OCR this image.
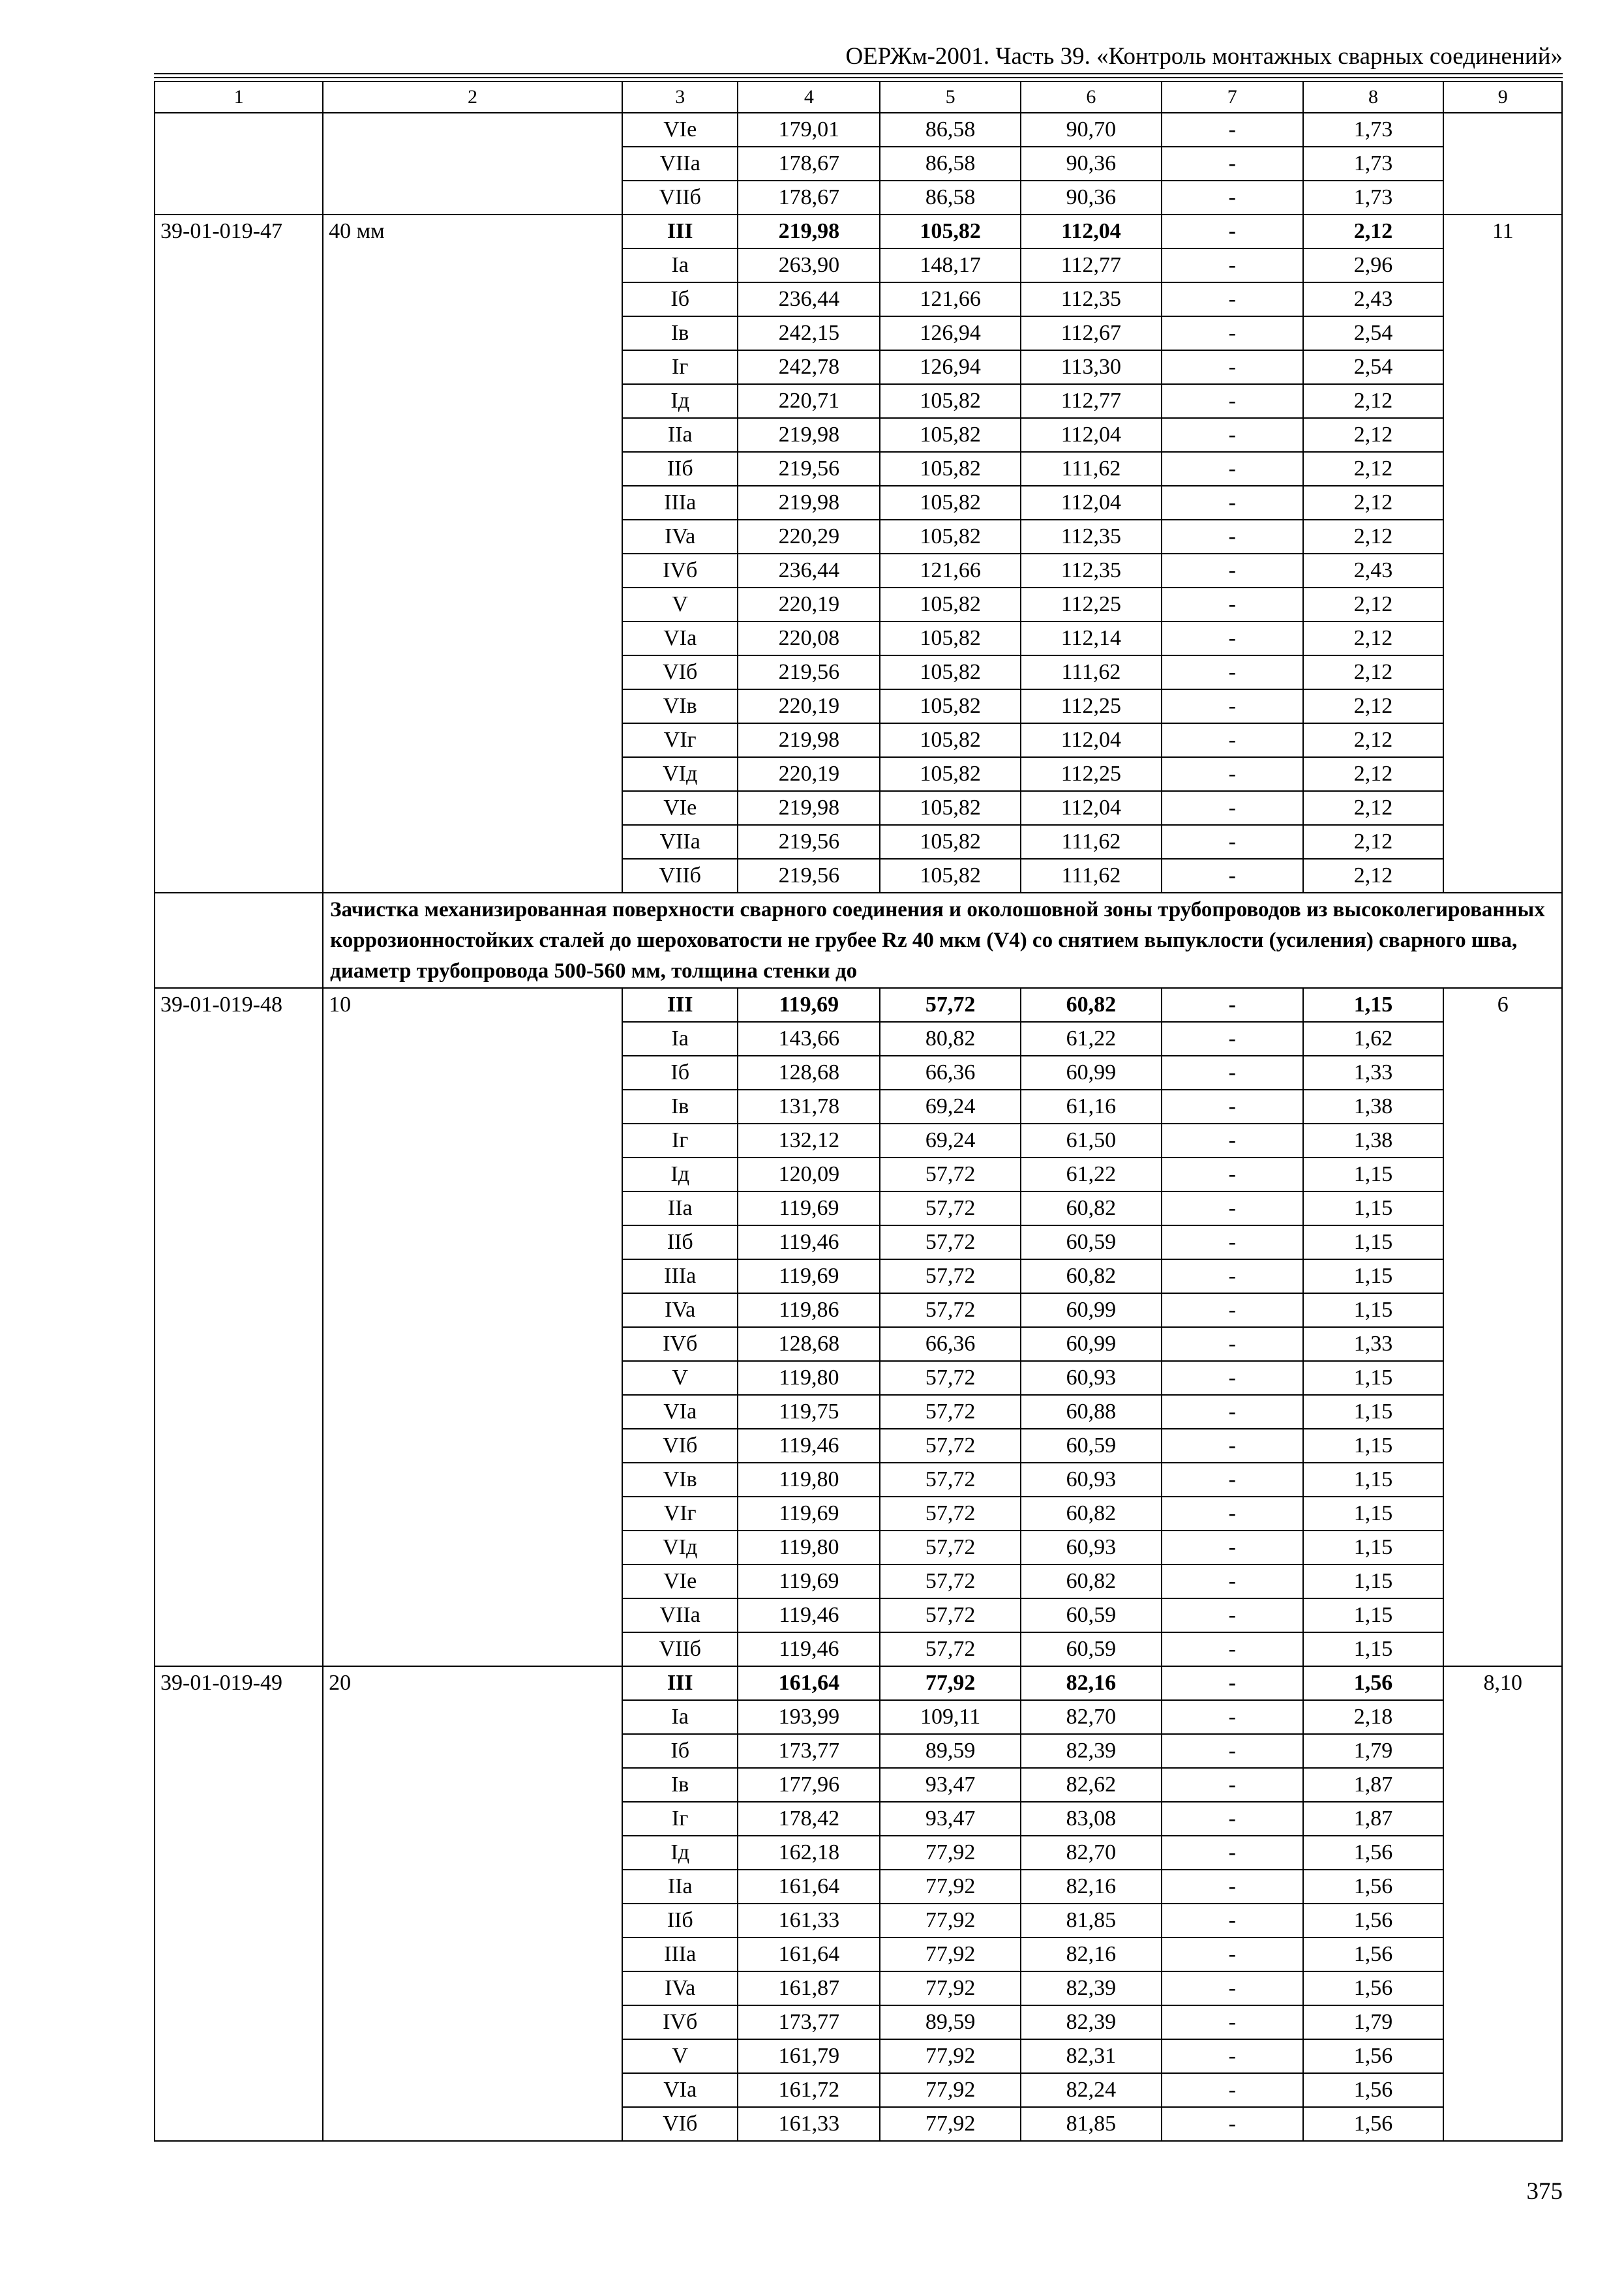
ОЕРЖм-2001. Часть 39. «Контроль монтажных сварных соединений»
1	2	3	4	5	6	7	8	9
		VIe	179,01	86,58	90,70	-	1,73	
		VIIa	178,67	86,58	90,36	-	1,73	
		VIIб	178,67	86,58	90,36	-	1,73	
39-01-019-47	40 мм	III	219,98	105,82	112,04	-	2,12	11
		Ia	263,90	148,17	112,77	-	2,96	
		Iб	236,44	121,66	112,35	-	2,43	
		Iв	242,15	126,94	112,67	-	2,54	
		Iг	242,78	126,94	113,30	-	2,54	
		Iд	220,71	105,82	112,77	-	2,12	
		IIa	219,98	105,82	112,04	-	2,12	
		IIб	219,56	105,82	111,62	-	2,12	
		IIIa	219,98	105,82	112,04	-	2,12	
		IVa	220,29	105,82	112,35	-	2,12	
		IVб	236,44	121,66	112,35	-	2,43	
		V	220,19	105,82	112,25	-	2,12	
		VIa	220,08	105,82	112,14	-	2,12	
		VIб	219,56	105,82	111,62	-	2,12	
		VIв	220,19	105,82	112,25	-	2,12	
		VIг	219,98	105,82	112,04	-	2,12	
		VIд	220,19	105,82	112,25	-	2,12	
		VIe	219,98	105,82	112,04	-	2,12	
		VIIa	219,56	105,82	111,62	-	2,12	
		VIIб	219,56	105,82	111,62	-	2,12	
	Зачистка механизированная поверхности сварного соединения и околошовной зоны трубопроводов из высоколегированных коррозионностойких сталей до шероховатости не грубее Rz 40 мкм (V4) со снятием выпуклости (усиления) сварного шва, диаметр трубопровода 500-560 мм, толщина стенки до							
39-01-019-48	10	III	119,69	57,72	60,82	-	1,15	6
		Ia	143,66	80,82	61,22	-	1,62	
		Iб	128,68	66,36	60,99	-	1,33	
		Iв	131,78	69,24	61,16	-	1,38	
		Iг	132,12	69,24	61,50	-	1,38	
		Iд	120,09	57,72	61,22	-	1,15	
		IIa	119,69	57,72	60,82	-	1,15	
		IIб	119,46	57,72	60,59	-	1,15	
		IIIa	119,69	57,72	60,82	-	1,15	
		IVa	119,86	57,72	60,99	-	1,15	
		IVб	128,68	66,36	60,99	-	1,33	
		V	119,80	57,72	60,93	-	1,15	
		VIa	119,75	57,72	60,88	-	1,15	
		VIб	119,46	57,72	60,59	-	1,15	
		VIв	119,80	57,72	60,93	-	1,15	
		VIг	119,69	57,72	60,82	-	1,15	
		VIд	119,80	57,72	60,93	-	1,15	
		VIe	119,69	57,72	60,82	-	1,15	
		VIIa	119,46	57,72	60,59	-	1,15	
		VIIб	119,46	57,72	60,59	-	1,15	
39-01-019-49	20	III	161,64	77,92	82,16	-	1,56	8,10
		Ia	193,99	109,11	82,70	-	2,18	
		Iб	173,77	89,59	82,39	-	1,79	
		Iв	177,96	93,47	82,62	-	1,87	
		Iг	178,42	93,47	83,08	-	1,87	
		Iд	162,18	77,92	82,70	-	1,56	
		IIa	161,64	77,92	82,16	-	1,56	
		IIб	161,33	77,92	81,85	-	1,56	
		IIIa	161,64	77,92	82,16	-	1,56	
		IVa	161,87	77,92	82,39	-	1,56	
		IVб	173,77	89,59	82,39	-	1,79	
		V	161,79	77,92	82,31	-	1,56	
		VIa	161,72	77,92	82,24	-	1,56	
		VIб	161,33	77,92	81,85	-	1,56	
375
